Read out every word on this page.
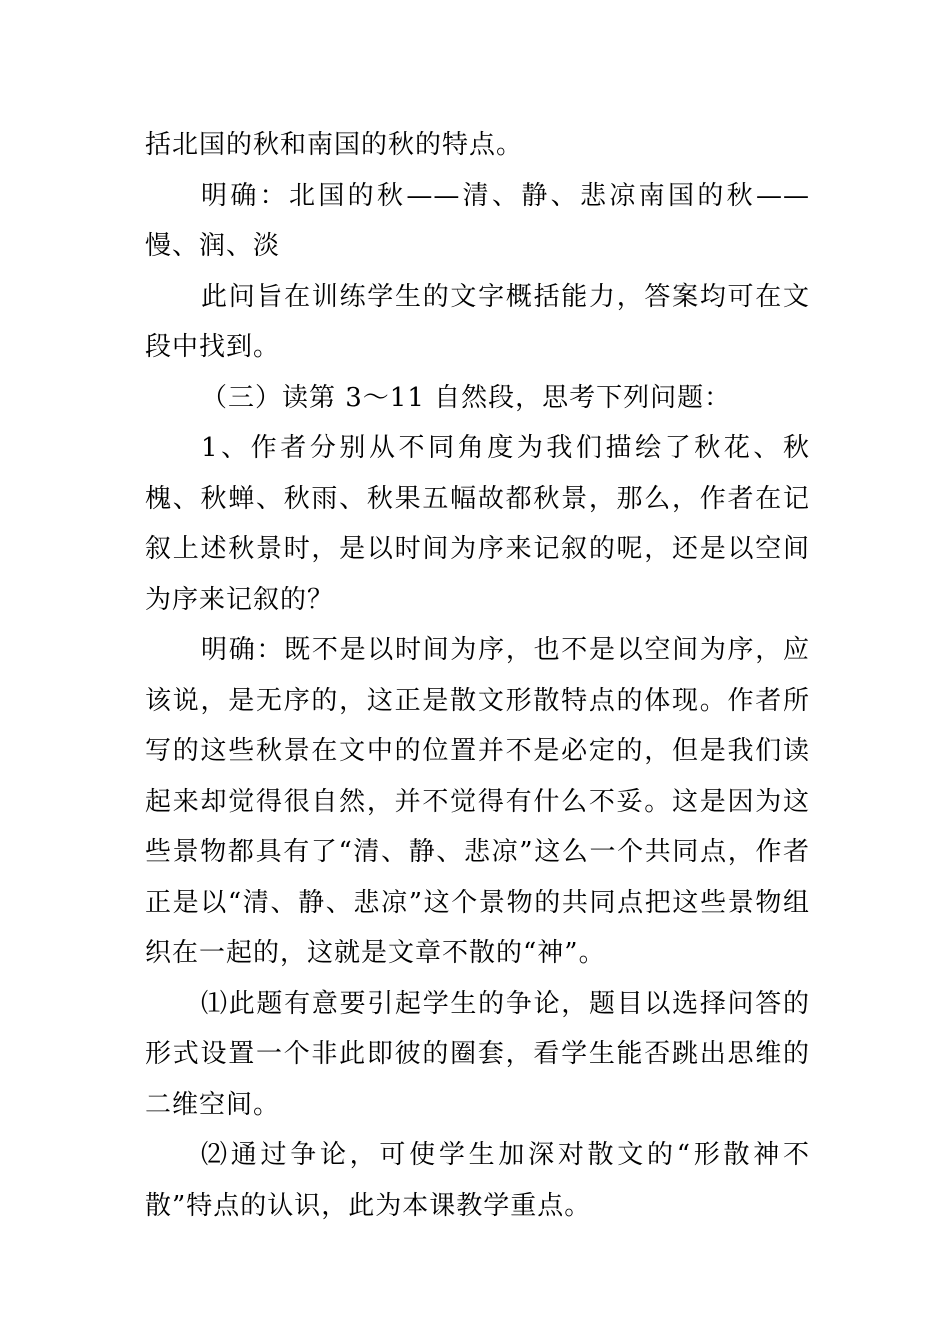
括北国的秋和南国的秋的特点。

明确：北国的秋——清、静、悲凉南国的秋——慢、润、淡

此问旨在训练学生的文字概括能力，答案均可在文段中找到。

（三）读第 3～11 自然段，思考下列问题：

1、作者分别从不同角度为我们描绘了秋花、秋槐、秋蝉、秋雨、秋果五幅故都秋景，那么，作者在记叙上述秋景时，是以时间为序来记叙的呢，还是以空间为序来记叙的？

明确：既不是以时间为序，也不是以空间为序，应该说，是无序的，这正是散文形散特点的体现。作者所写的这些秋景在文中的位置并不是必定的，但是我们读起来却觉得很自然，并不觉得有什么不妥。这是因为这些景物都具有了“清、静、悲凉”这么一个共同点，作者正是以“清、静、悲凉”这个景物的共同点把这些景物组织在一起的，这就是文章不散的“神”。

⑴此题有意要引起学生的争论，题目以选择问答的形式设置一个非此即彼的圈套，看学生能否跳出思维的二维空间。

⑵通过争论，可使学生加深对散文的“形散神不散”特点的认识，此为本课教学重点。
